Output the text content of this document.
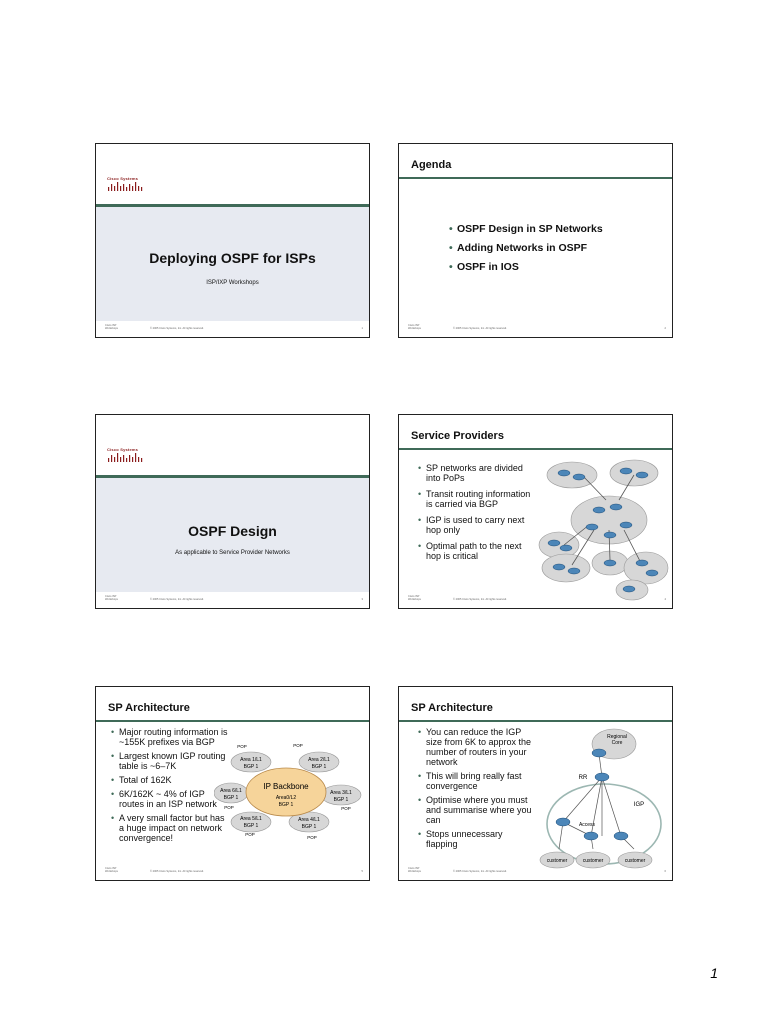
Cisco Systems
Deploying OSPF for ISPs
ISP/IXP Workshops
Cisco ISP
Workshops	© 2005 Cisco Systems, Inc. All rights reserved.	1
Agenda
• OSPF Design in SP Networks
• Adding Networks in OSPF
• OSPF in IOS
Cisco ISP
Workshops	© 2005 Cisco Systems, Inc. All rights reserved.	2
Cisco Systems
OSPF Design
As applicable to Service Provider Networks
Cisco ISP
Workshops	© 2005 Cisco Systems, Inc. All rights reserved.	3
Service Providers
• SP networks are divided into PoPs
• Transit routing information is carried via BGP
• IGP is used to carry next hop only
• Optimal path to the next hop is critical
Cisco ISP
Workshops	© 2005 Cisco Systems, Inc. All rights reserved.	4
SP Architecture
• Major routing information is ~155K prefixes via BGP
• Largest known IGP routing table is ~6–7K
• Total of 162K
• 6K/162K ~ 4% of IGP routes in an ISP network
• A very small factor but has a huge impact on network convergence!
IP Backbone
Area0/L2
BGP 1
Area 1/L1
BGP 1
Area 2/L1
BGP 1
Area 3/L1
BGP 1
Area 4/L1
BGP 1
Area 5/L1
BGP 1
Area 6/L1
BGP 1
POP	POP
POP
POP
POP
POP
Cisco ISP
Workshops	© 2005 Cisco Systems, Inc. All rights reserved.	5
SP Architecture
• You can reduce the IGP size from 6K to approx the number of routers in your network
• This will bring really fast convergence
• Optimise where you must and summarise where you can
• Stops unnecessary flapping
Regional
Core
RR
IGP
Access
customer	customer	customer
Cisco ISP
Workshops	© 2005 Cisco Systems, Inc. All rights reserved.	6
1
